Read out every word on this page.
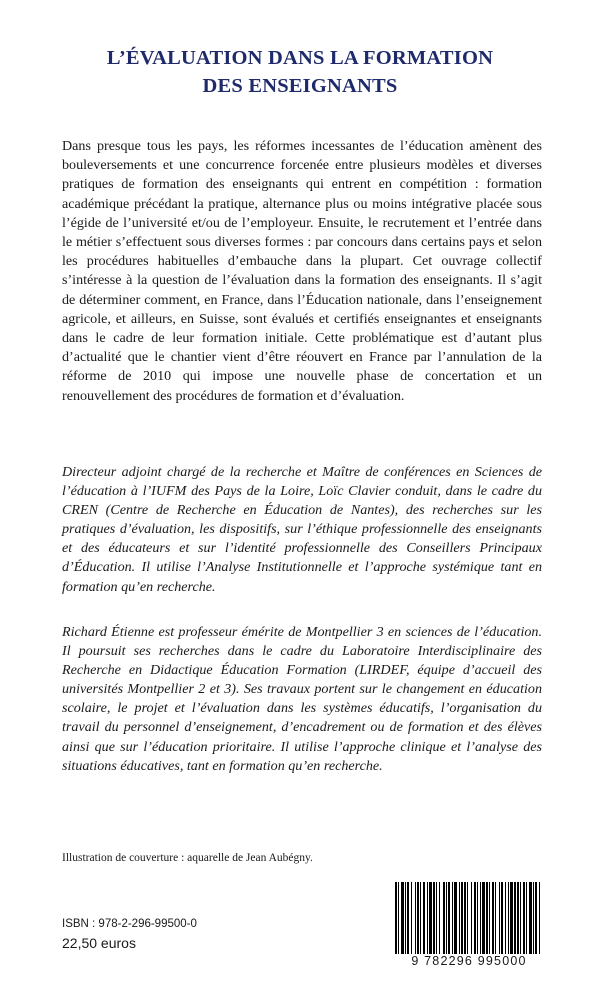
L’ÉVALUATION DANS LA FORMATION
DES ENSEIGNANTS

Dans presque tous les pays, les réformes incessantes de l’éducation amènent des bouleversements et une concurrence forcenée entre plusieurs modèles et diverses pratiques de formation des enseignants qui entrent en compétition : formation académique précédant la pratique, alternance plus ou moins intégrative placée sous l’égide de l’université et/ou de l’employeur. Ensuite, le recrutement et l’entrée dans le métier s’effectuent sous diverses formes : par concours dans certains pays et selon les procédures habituelles d’embauche dans la plupart. Cet ouvrage collectif s’intéresse à la question de l’évaluation dans la formation des enseignants. Il s’agit de déterminer comment, en France, dans l’Éducation nationale, dans l’enseignement agricole, et ailleurs, en Suisse, sont évalués et certifiés enseignantes et enseignants dans le cadre de leur formation initiale. Cette problématique est d’autant plus d’actualité que le chantier vient d’être réouvert en France par l’annulation de la réforme de 2010 qui impose une nouvelle phase de concertation et un renouvellement des procédures de formation et d’évaluation.

Directeur adjoint chargé de la recherche et Maître de conférences en Sciences de l’éducation à l’IUFM des Pays de la Loire, Loïc Clavier conduit, dans le cadre du CREN (Centre de Recherche en Éducation de Nantes), des recherches sur les pratiques d’évaluation, les dispositifs, sur l’éthique professionnelle des enseignants et des éducateurs et sur l’identité professionnelle des Conseillers Principaux d’Éducation. Il utilise l’Analyse Institutionnelle et l’approche systémique tant en formation qu’en recherche.

Richard Étienne est professeur émérite de Montpellier 3 en sciences de l’éducation. Il poursuit ses recherches dans le cadre du Laboratoire Interdisciplinaire des Recherche en Didactique Éducation Formation (LIRDEF, équipe d’accueil des universités Montpellier 2 et 3). Ses travaux portent sur le changement en éducation scolaire, le projet et l’évaluation dans les systèmes éducatifs, l’organisation du travail du personnel d’enseignement, d’encadrement ou de formation et des élèves ainsi que sur l’éducation prioritaire. Il utilise l’approche clinique et l’analyse des situations éducatives, tant en formation qu’en recherche.

Illustration de couverture : aquarelle de Jean Aubégny.
ISBN : 978-2-296-99500-0
22,50 euros
9 782296 995000
